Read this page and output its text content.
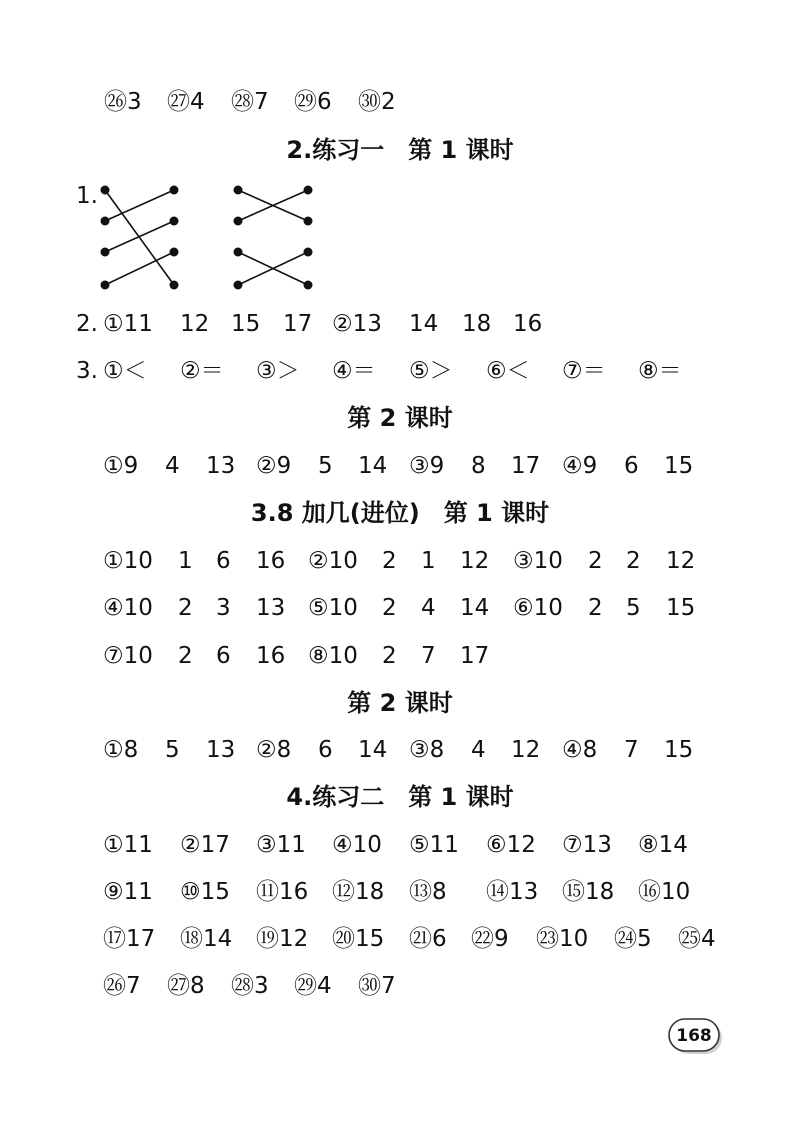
㉖3 ㉗4 ㉘7 ㉙6 ㉚2
2.练习一　第 1 课时
1.
2. ①11 12 15 17 ②13 14 18 16
3. ①＜ ②＝ ③＞ ④＝ ⑤＞ ⑥＜ ⑦＝ ⑧＝
第 2 课时
①9 4 13 ②9 5 14 ③9 8 17 ④9 6 15
3.8 加几(进位)　第 1 课时
①10 1 6 16 ②10 2 1 12 ③10 2 2 12
④10 2 3 13 ⑤10 2 4 14 ⑥10 2 5 15
⑦10 2 6 16 ⑧10 2 7 17
第 2 课时
①8 5 13 ②8 6 14 ③8 4 12 ④8 7 15
4.练习二　第 1 课时
①11 ②17 ③11 ④10 ⑤11 ⑥12 ⑦13 ⑧14
⑨11 ⑩15 ⑪16 ⑫18 ⑬8 ⑭13 ⑮18 ⑯10
⑰17 ⑱14 ⑲12 ⑳15 ㉑6 ㉒9 ㉓10 ㉔5 ㉕4
㉖7 ㉗8 ㉘3 ㉙4 ㉚7
168
